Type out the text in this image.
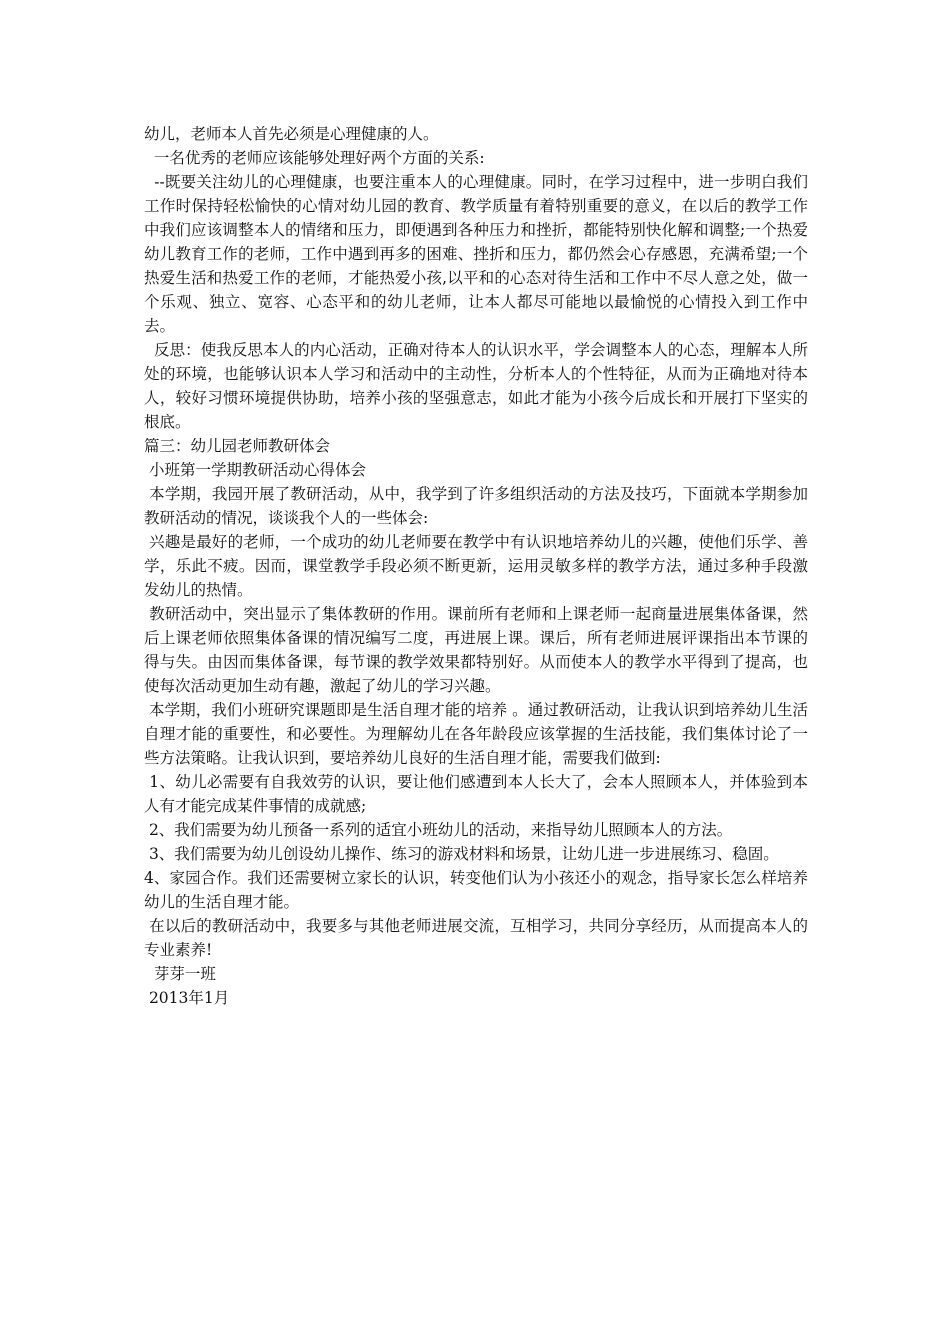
幼儿，老师本人首先必须是心理健康的人。

一名优秀的老师应该能够处理好两个方面的关系:

--既要关注幼儿的心理健康，也要注重本人的心理健康。同时，在学习过程中，进一步明白我们工作时保持轻松愉快的心情对幼儿园的教育、教学质量有着特别重要的意义，在以后的教学工作中我们应该调整本人的情绪和压力，即便遇到各种压力和挫折，都能特别快化解和调整;一个热爱幼儿教育工作的老师，工作中遇到再多的困难、挫折和压力，都仍然会心存感恩，充满希望;一个热爱生活和热爱工作的老师，才能热爱小孩,以平和的心态对待生活和工作中不尽人意之处，做一个乐观、独立、宽容、心态平和的幼儿老师，让本人都尽可能地以最愉悦的心情投入到工作中去。

反思：使我反思本人的内心活动，正确对待本人的认识水平，学会调整本人的心态，理解本人所处的环境，也能够认识本人学习和活动中的主动性，分析本人的个性特征，从而为正确地对待本人，较好习惯环境提供协助，培养小孩的坚强意志，如此才能为小孩今后成长和开展打下坚实的根底。

篇三：幼儿园老师教研体会

小班第一学期教研活动心得体会

本学期，我园开展了教研活动，从中，我学到了许多组织活动的方法及技巧，下面就本学期参加教研活动的情况，谈谈我个人的一些体会:

兴趣是最好的老师，一个成功的幼儿老师要在教学中有认识地培养幼儿的兴趣，使他们乐学、善学，乐此不疲。因而，课堂教学手段必须不断更新，运用灵敏多样的教学方法，通过多种手段激发幼儿的热情。

教研活动中，突出显示了集体教研的作用。课前所有老师和上课老师一起商量进展集体备课，然后上课老师依照集体备课的情况编写二度，再进展上课。课后，所有老师进展评课指出本节课的得与失。由因而集体备课，每节课的教学效果都特别好。从而使本人的教学水平得到了提高，也使每次活动更加生动有趣，激起了幼儿的学习兴趣。

本学期，我们小班研究课题即是生活自理才能的培养 。通过教研活动，让我认识到培养幼儿生活自理才能的重要性，和必要性。为理解幼儿在各年龄段应该掌握的生活技能，我们集体讨论了一些方法策略。让我认识到，要培养幼儿良好的生活自理才能，需要我们做到:

1、幼儿必需要有自我效劳的认识，要让他们感遭到本人长大了，会本人照顾本人，并体验到本人有才能完成某件事情的成就感;

2、我们需要为幼儿预备一系列的适宜小班幼儿的活动，来指导幼儿照顾本人的方法。

3、我们需要为幼儿创设幼儿操作、练习的游戏材料和场景，让幼儿进一步进展练习、稳固。

4、家园合作。我们还需要树立家长的认识，转变他们认为小孩还小的观念，指导家长怎么样培养幼儿的生活自理才能。

在以后的教研活动中，我要多与其他老师进展交流，互相学习，共同分享经历，从而提高本人的专业素养!

芽芽一班

2013年1月
